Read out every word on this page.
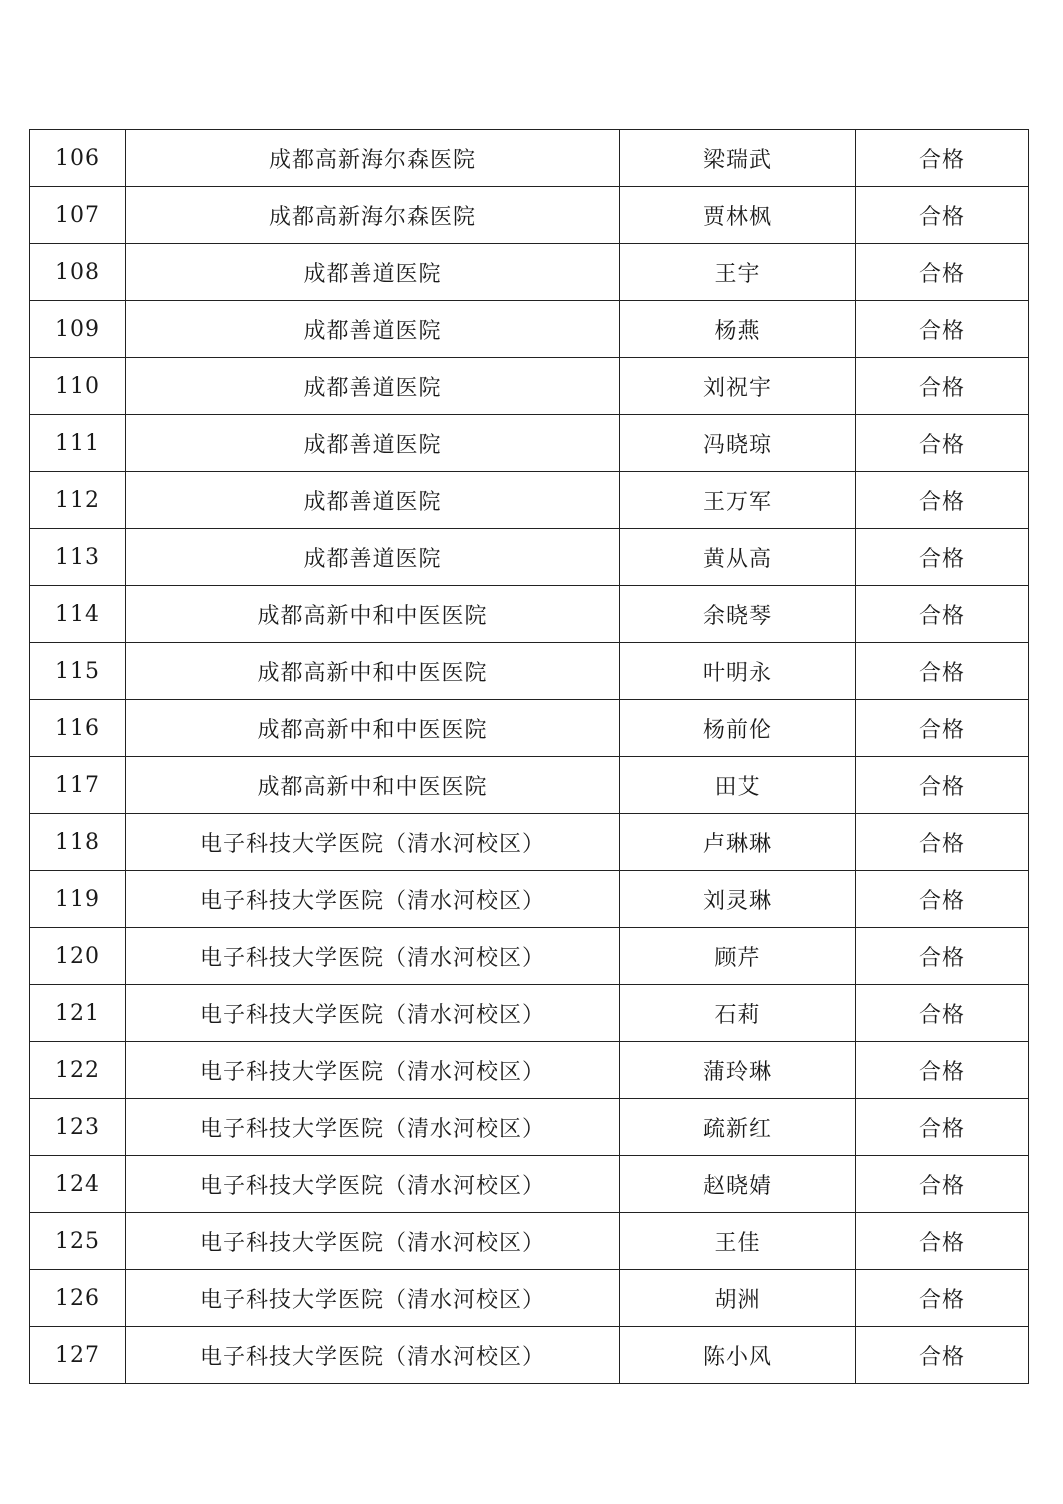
106	成都高新海尔森医院	梁瑞武	合格
107	成都高新海尔森医院	贾林枫	合格
108	成都善道医院	王宇	合格
109	成都善道医院	杨燕	合格
110	成都善道医院	刘祝宇	合格
111	成都善道医院	冯晓琼	合格
112	成都善道医院	王万军	合格
113	成都善道医院	黄从高	合格
114	成都高新中和中医医院	余晓琴	合格
115	成都高新中和中医医院	叶明永	合格
116	成都高新中和中医医院	杨前伦	合格
117	成都高新中和中医医院	田艾	合格
118	电子科技大学医院（清水河校区）	卢琳琳	合格
119	电子科技大学医院（清水河校区）	刘灵琳	合格
120	电子科技大学医院（清水河校区）	顾芹	合格
121	电子科技大学医院（清水河校区）	石莉	合格
122	电子科技大学医院（清水河校区）	蒲玲琳	合格
123	电子科技大学医院（清水河校区）	疏新红	合格
124	电子科技大学医院（清水河校区）	赵晓婧	合格
125	电子科技大学医院（清水河校区）	王佳	合格
126	电子科技大学医院（清水河校区）	胡洲	合格
127	电子科技大学医院（清水河校区）	陈小风	合格
